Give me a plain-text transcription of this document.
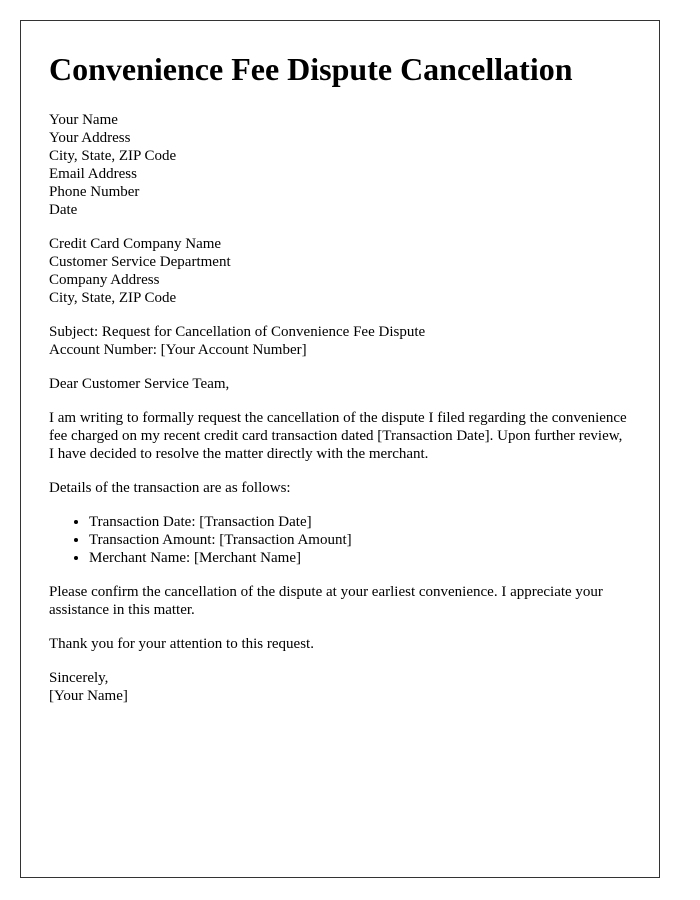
Convenience Fee Dispute Cancellation
Your Name
Your Address
City, State, ZIP Code
Email Address
Phone Number
Date
Credit Card Company Name
Customer Service Department
Company Address
City, State, ZIP Code
Subject: Request for Cancellation of Convenience Fee Dispute
Account Number: [Your Account Number]

Dear Customer Service Team,

I am writing to formally request the cancellation of the dispute I filed regarding the convenience fee charged on my recent credit card transaction dated [Transaction Date]. Upon further review, I have decided to resolve the matter directly with the merchant.

Details of the transaction are as follows:

• Transaction Date: [Transaction Date]
• Transaction Amount: [Transaction Amount]
• Merchant Name: [Merchant Name]

Please confirm the cancellation of the dispute at your earliest convenience. I appreciate your assistance in this matter.

Thank you for your attention to this request.

Sincerely,
[Your Name]
